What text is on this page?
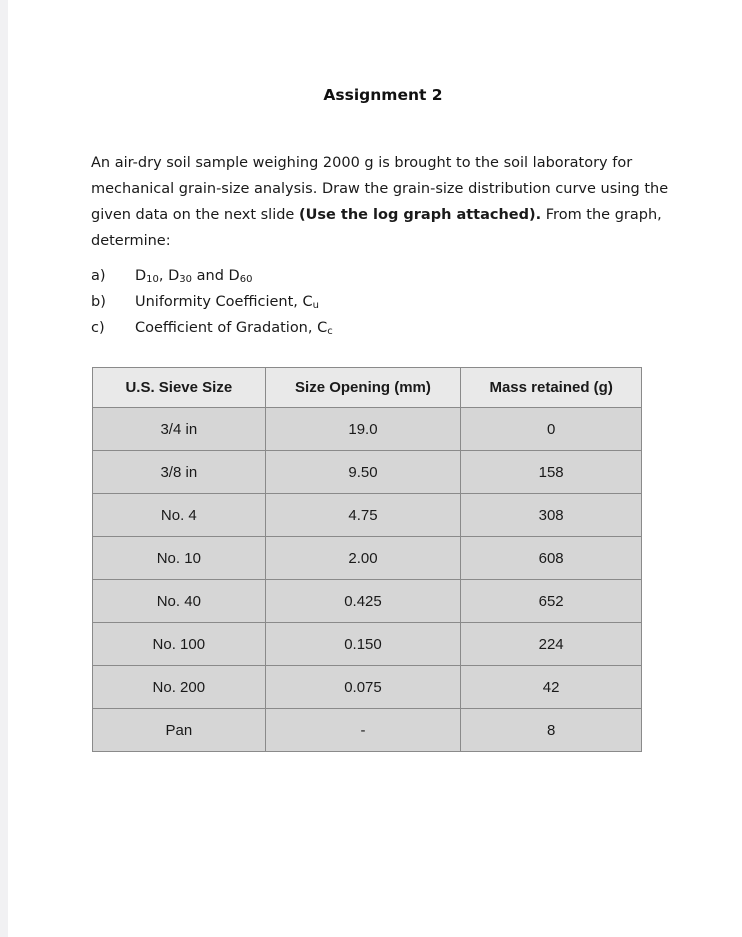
Assignment 2
An air-dry soil sample weighing 2000 g is brought to the soil laboratory for mechanical grain-size analysis. Draw the grain-size distribution curve using the given data on the next slide (Use the log graph attached). From the graph, determine:
a) $D_{10}$, $D_{30}$ and $D_{60}$
b) Uniformity Coefficient, $C_u$
c) Coefficient of Gradation, $C_c$
U.S. Sieve Size	Size Opening (mm)	Mass retained (g)
3/4 in	19.0	0
3/8 in	9.50	158
No. 4	4.75	308
No. 10	2.00	608
No. 40	0.425	652
No. 100	0.150	224
No. 200	0.075	42
Pan	-	8
